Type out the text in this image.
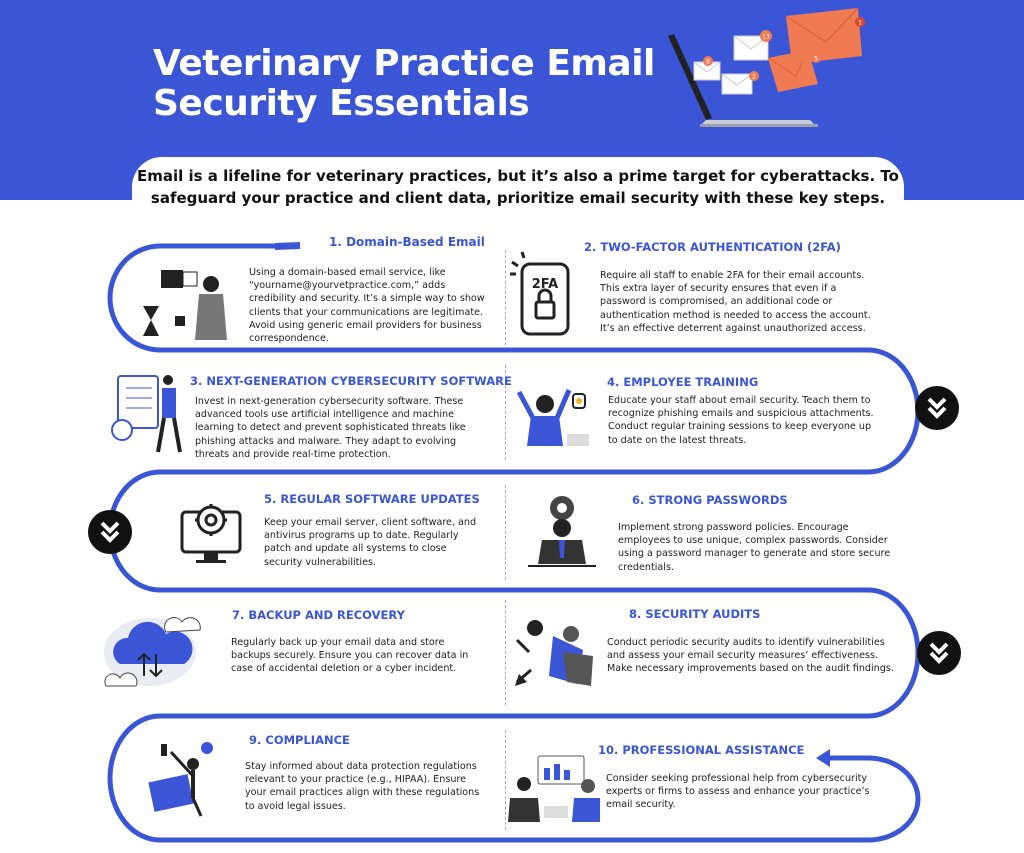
Veterinary Practice Email
Security Essentials
8
13
2
5
1
Email is a lifeline for veterinary practices, but it’s also a prime target for cyberattacks. To safeguard your practice and client data, prioritize email security with these key steps.
1. Domain-Based Email
Using a domain-based email service, like “yourname@yourvetpractice.com,” adds credibility and security. It’s a simple way to show clients that your communications are legitimate. Avoid using generic email providers for business correspondence.
2FA
2. TWO-FACTOR AUTHENTICATION (2FA)
Require all staff to enable 2FA for their email accounts. This extra layer of security ensures that even if a password is compromised, an additional code or authentication method is needed to access the account. It’s an effective deterrent against unauthorized access.
3. NEXT-GENERATION CYBERSECURITY SOFTWARE
Invest in next-generation cybersecurity software. These advanced tools use artificial intelligence and machine learning to detect and prevent sophisticated threats like phishing attacks and malware. They adapt to evolving threats and provide real-time protection.
4. EMPLOYEE TRAINING
Educate your staff about email security. Teach them to recognize phishing emails and suspicious attachments. Conduct regular training sessions to keep everyone up to date on the latest threats.
5. REGULAR SOFTWARE UPDATES
Keep your email server, client software, and antivirus programs up to date. Regularly patch and update all systems to close security vulnerabilities.
6. STRONG PASSWORDS
Implement strong password policies. Encourage employees to use unique, complex passwords. Consider using a password manager to generate and store secure credentials.
7. BACKUP AND RECOVERY
Regularly back up your email data and store backups securely. Ensure you can recover data in case of accidental deletion or a cyber incident.
8. SECURITY AUDITS
Conduct periodic security audits to identify vulnerabilities and assess your email security measures’ effectiveness. Make necessary improvements based on the audit findings.
9. COMPLIANCE
Stay informed about data protection regulations relevant to your practice (e.g., HIPAA). Ensure your email practices align with these regulations to avoid legal issues.
10. PROFESSIONAL ASSISTANCE
Consider seeking professional help from cybersecurity experts or firms to assess and enhance your practice’s email security.
